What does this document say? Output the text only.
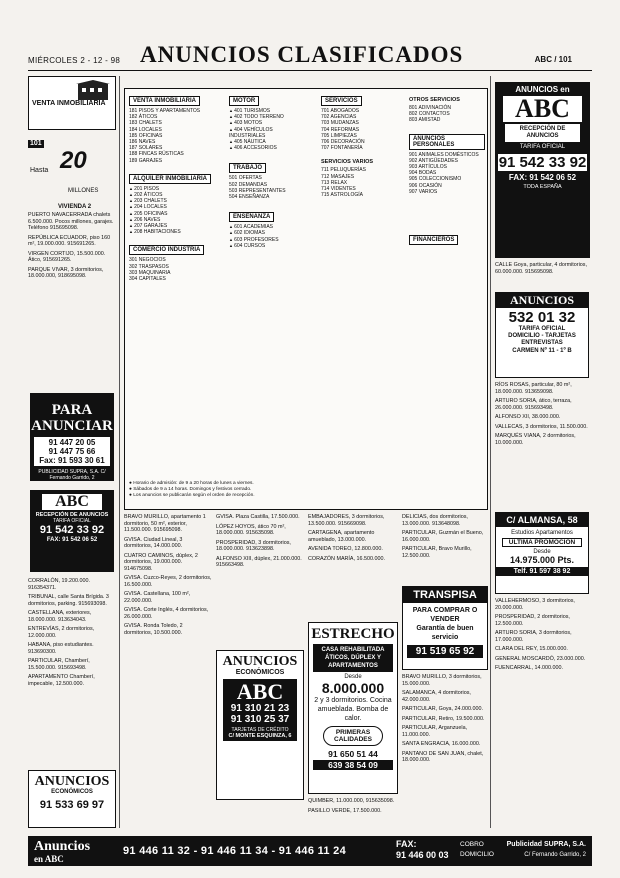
MIÉRCOLES 2 - 12 - 98 ANUNCIOS CLASIFICADOS	ABC / 101
VENTA INMOBILIARIA
101
Hasta 20
MILLONES
VIVIENDA 2

PUERTO NAVACERRADA chalets 6.500.000. Pocos millones, garajes. Teléfono 915695098.

REPÚBLICA ECUADOR, piso 160 m², 19.000.000. 915691265.

VIRGEN CORTIJO, 15.500.000. Ático, 915691265.

PARQUE VIVAR, 3 dormitorios, 18.000.000, 918695098.

PARA ANUNCIAR
91 447 20 05
91 447 75 66
Fax: 91 593 30 61
PUBLICIDAD SUPRA, S.A. C/ Fernando Garrido, 2
ABC
RECEPCIÓN DE ANUNCIOS
TARIFA OFICIAL
91 542 33 92
FAX: 91 542 06 52

CORRALÓN, 19.200.000. 916354371.

TRIBUNAL, calle Santa Brígida. 3 dormitorios, parking. 915693098.

CASTELLANA, exteriores, 18.000.000. 913634043.

ENTREVÍAS, 2 dormitorios, 12.000.000.

HABANA, piso estudiantes. 913690300.

PARTICULAR, Chamberí, 15.500.000. 915693498.

APARTAMENTO Chamberí, impecable, 12.500.000.

ANUNCIOS
ECONÓMICOS
91 533 69 97
VENTA INMOBILIARIA
181 PISOS Y APARTAMENTOS
182 ÁTICOS
183 CHALETS
184 LOCALES
185 OFICINAS
186 NAVES
187 SOLARES
188 FINCAS RÚSTICAS
189 GARAJES
ALQUILER INMOBILIARIA
▲ 201 PISOS
▲ 202 ÁTICOS
▲ 203 CHALETS
▲ 204 LOCALES
▲ 205 OFICINAS
▲ 206 NAVES
▲ 207 GARAJES
▲ 208 HABITACIONES
COMERCIO INDUSTRIA
301 NEGOCIOS
302 TRASPASOS
303 MAQUINARIA
304 CAPITALES
MOTOR
▲ 401 TURISMOS
▲ 402 TODO TERRENO
▲ 403 MOTOS
▲ 404 VEHÍCULOS INDUSTRIALES
▲ 405 NÁUTICA
▲ 406 ACCESORIOS
TRABAJO
501 OFERTAS
502 DEMANDAS
503 REPRESENTANTES
504 ENSEÑANZA
ENSEÑANZA
▲ 601 ACADEMIAS
▲ 602 IDIOMAS
▲ 603 PROFESORES
▲ 604 CURSOS
SERVICIOS
701 ABOGADOS
702 AGENCIAS
703 MUDANZAS
704 REFORMAS
705 LIMPIEZAS
706 DECORACIÓN
707 FONTANERÍA
SERVICIOS VARIOS
711 PELUQUERÍAS
712 MASAJES
713 RELAX
714 VIDENTES
715 ASTROLOGÍA
OTROS SERVICIOS
801 ADIVINACIÓN
802 CONTACTOS
803 AMISTAD
ANUNCIOS PERSONALES
901 ANIMALES DOMÉSTICOS
902 ANTIGÜEDADES
903 ARTÍCULOS
904 BODAS
905 COLECCIONISMO
906 OCASIÓN
907 VARIOS
FINANCIEROS
● Horario de admisión: de 9 a 20 horas de lunes a viernes.
● Sábados de 9 a 14 horas. Domingos y festivos cerrado.
● Los anuncios se publicarán según el orden de recepción.

BRAVO MURILLO, apartamento 1 dormitorio, 50 m², exterior, 11.500.000. 915695098.

GVISA. Ciudad Lineal, 3 dormitorios, 14.000.000.

CUATRO CAMINOS, dúplex, 2 dormitorios, 19.000.000. 914675098.

GVISA. Cuzco-Reyes, 2 dormitorios, 16.500.000.

GVISA. Castellana, 100 m², 22.000.000.

GVISA. Corte Inglés, 4 dormitorios, 26.000.000.

GVISA. Ronda Toledo, 2 dormitorios, 10.500.000.

GVISA. Plaza Castilla, 17.500.000.

LÓPEZ HOYOS, ático 70 m², 18.000.000. 915635098.

PROSPERIDAD, 3 dormitorios, 18.000.000. 913623898.

ALFONSO XIII, dúplex, 21.000.000. 915663498.

ANUNCIOS
ECONÓMICOS
ABC
91 310 21 23
91 310 25 37
TARJETAS DE CRÉDITO
C/ MONTE ESQUINZA, 6

EMBAJADORES, 3 dormitorios, 13.500.000. 915669098.

CARTAGENA, apartamento amueblado, 13.000.000.

AVENIDA TOREO, 12.800.000.

CORAZÓN MARÍA, 16.500.000.

ESTRECHO
CASA REHABILITADA ÁTICOS, DÚPLEX Y APARTAMENTOS
Desde
8.000.000
2 y 3 dormitorios. Cocina amueblada. Bomba de calor.
PRIMERAS CALIDADES
91 650 51 44
639 38 54 09

QUIMBER, 11.000.000, 915635098.

PASILLO VERDE, 17.500.000.

DELICIAS, dos dormitorios, 13.000.000. 913648098.

PARTICULAR, Guzmán el Bueno, 16.000.000.

PARTICULAR, Bravo Murillo, 12.500.000.

TRANSPISA
PARA COMPRAR O VENDER
Garantía de buen servicio
91 519 65 92

BRAVO MURILLO, 3 dormitorios, 15.000.000.

SALAMANCA, 4 dormitorios, 42.000.000.

PARTICULAR, Goya, 24.000.000.

PARTICULAR, Retiro, 19.500.000.

PARTICULAR, Arganzuela, 11.000.000.

SANTA ENGRACIA, 16.000.000.

PANTANO DE SAN JUAN, chalet, 18.000.000.

ANUNCIOS en
ABC
RECEPCIÓN DE ANUNCIOS
TARIFA OFICIAL
91 542 33 92
FAX: 91 542 06 52
TODA ESPAÑA

CALLE Goya, particular, 4 dormitorios, 60.000.000. 915695098.

ANUNCIOS
532 01 32
TARIFA OFICIAL
DOMICILIO - TARJETAS
ENTREVISTAS
CARMEN Nº 11 - 1º B

RÍOS ROSAS, particular, 80 m², 18.000.000. 913659098.

ARTURO SORIA, ático, terraza, 26.000.000. 915693498.

ALFONSO XII, 38.000.000.

VALLECAS, 3 dormitorios, 11.500.000.

MARQUÉS VIANA, 2 dormitorios, 10.000.000.

C/ ALMANSA, 58
Estudios Apartamentos
ÚLTIMA PROMOCIÓN
Desde
14.975.000 Pts.
Telf. 91 597 38 92

VALLEHERMOSO, 3 dormitorios, 20.000.000.

PROSPERIDAD, 2 dormitorios, 12.500.000.

ARTURO SORIA, 3 dormitorios, 17.000.000.

CLARA DEL REY, 15.000.000.

GENERAL MOSCARDÓ, 23.000.000.

FUENCARRAL, 14.000.000.

Anuncios
en ABC
91 446 11 32 - 91 446 11 34 - 91 446 11 24
FAX:
91 446 00 03
COBRO
DOMICILIO
Publicidad SUPRA, S.A.
C/ Fernando Garrido, 2
